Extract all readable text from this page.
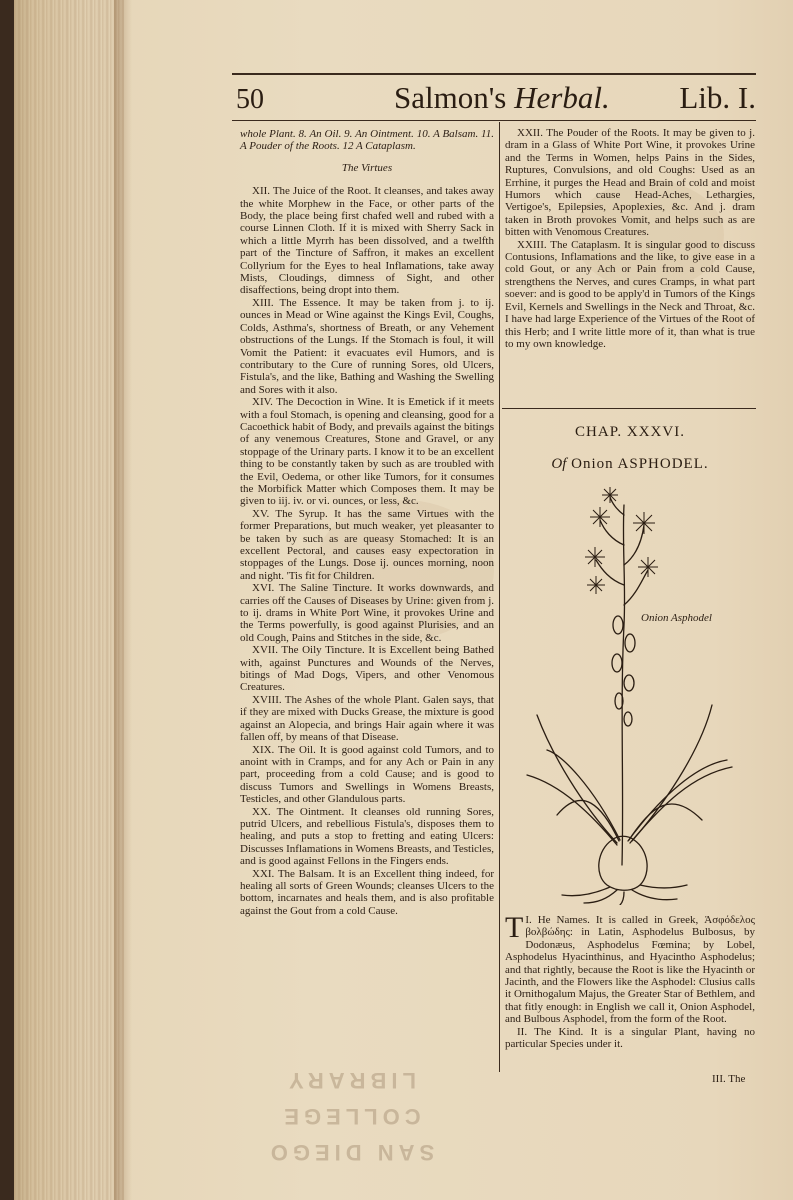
50	Salmon's Herbal. Lib. I.

whole Plant. 8. An Oil. 9. An Ointment. 10. A Balsam. 11. A Pouder of the Roots. 12 A Cataplasm.

The Virtues

XII. The Juice of the Root. It cleanses, and takes away the white Morphew in the Face, or other parts of the Body, the place being first chafed well and rubed with a course Linnen Cloth. If it is mixed with Sherry Sack in which a little Myrrh has been dissolved, and a twelfth part of the Tincture of Saffron, it makes an excellent Collyrium for the Eyes to heal Inflamations, take away Mists, Cloudings, dimness of Sight, and other disaffections, being dropt into them.

XIII. The Essence. It may be taken from j. to ij. ounces in Mead or Wine against the Kings Evil, Coughs, Colds, Asthma's, shortness of Breath, or any Vehement obstructions of the Lungs. If the Stomach is foul, it will Vomit the Patient: it evacuates evil Humors, and is contributary to the Cure of running Sores, old Ulcers, Fistula's, and the like, Bathing and Washing the Swelling and Sores with it also.

XIV. The Decoction in Wine. It is Emetick if it meets with a foul Stomach, is opening and cleansing, good for a Cacoethick habit of Body, and prevails against the bitings of any venemous Creatures, Stone and Gravel, or any stoppage of the Urinary parts. I know it to be an excellent thing to be constantly taken by such as are troubled with the Evil, Oedema, or other like Tumors, for it consumes the Morbifick Matter which Composes them. It may be given to iij. iv. or vi. ounces, or less, &c.

XV. The Syrup. It has the same Virtues with the former Preparations, but much weaker, yet pleasanter to be taken by such as are queasy Stomached: It is an excellent Pectoral, and causes easy expectoration in stoppages of the Lungs. Dose ij. ounces morning, noon and night. 'Tis fit for Children.

XVI. The Saline Tincture. It works downwards, and carries off the Causes of Diseases by Urine: given from j. to ij. drams in White Port Wine, it provokes Urine and the Terms powerfully, is good against Plurisies, and an old Cough, Pains and Stitches in the side, &c.

XVII. The Oily Tincture. It is Excellent being Bathed with, against Punctures and Wounds of the Nerves, bitings of Mad Dogs, Vipers, and other Venomous Creatures.

XVIII. The Ashes of the whole Plant. Galen says, that if they are mixed with Ducks Grease, the mixture is good against an Alopecia, and brings Hair again where it was fallen off, by means of that Disease.

XIX. The Oil. It is good against cold Tumors, and to anoint with in Cramps, and for any Ach or Pain in any part, proceeding from a cold Cause; and is good to discuss Tumors and Swellings in Womens Breasts, Testicles, and other Glandulous parts.

XX. The Ointment. It cleanses old running Sores, putrid Ulcers, and rebellious Fistula's, disposes them to healing, and puts a stop to fretting and eating Ulcers: Discusses Inflamations in Womens Breasts, and Testicles, and is good against Fellons in the Fingers ends.

XXI. The Balsam. It is an Excellent thing indeed, for healing all sorts of Green Wounds; cleanses Ulcers to the bottom, incarnates and heals them, and is also profitable against the Gout from a cold Cause.

XXII. The Pouder of the Roots. It may be given to j. dram in a Glass of White Port Wine, it provokes Urine and the Terms in Women, helps Pains in the Sides, Ruptures, Convulsions, and old Coughs: Used as an Errhine, it purges the Head and Brain of cold and moist Humors which cause Head-Aches, Lethargies, Vertigoe's, Epilepsies, Apoplexies, &c. And j. dram taken in Broth provokes Vomit, and helps such as are bitten with Venomous Creatures.

XXIII. The Cataplasm. It is singular good to discuss Contusions, Inflamations and the like, to give ease in a cold Gout, or any Ach or Pain from a cold Cause, strengthens the Nerves, and cures Cramps, in what part soever: and is good to be apply'd in Tumors of the Kings Evil, Kernels and Swellings in the Neck and Throat, &c. I have had large Experience of the Virtues of the Root of this Herb; and I write little more of it, than what is true to my own knowledge.

CHAP. XXXVI.
Of Onion ASPHODEL.
Onion Asphodel

T I. He Names. It is called in Greek, Ἀσφόδελος βολβώδης: in Latin, Asphodelus Bulbosus, by Dodonæus, Asphodelus Fœmina; by Lobel, Asphodelus Hyacinthinus, and Hyacintho Asphodelus; and that rightly, because the Root is like the Hyacinth or Jacinth, and the Flowers like the Asphodel: Clusius calls it Ornithogalum Majus, the Greater Star of Bethlem, and that fitly enough: in English we call it, Onion Asphodel, and Bulbous Asphodel, from the form of the Root.

II. The Kind. It is a singular Plant, having no particular Species under it.

III. The
SAN DIEGO
COLLEGE
LIBRARY
